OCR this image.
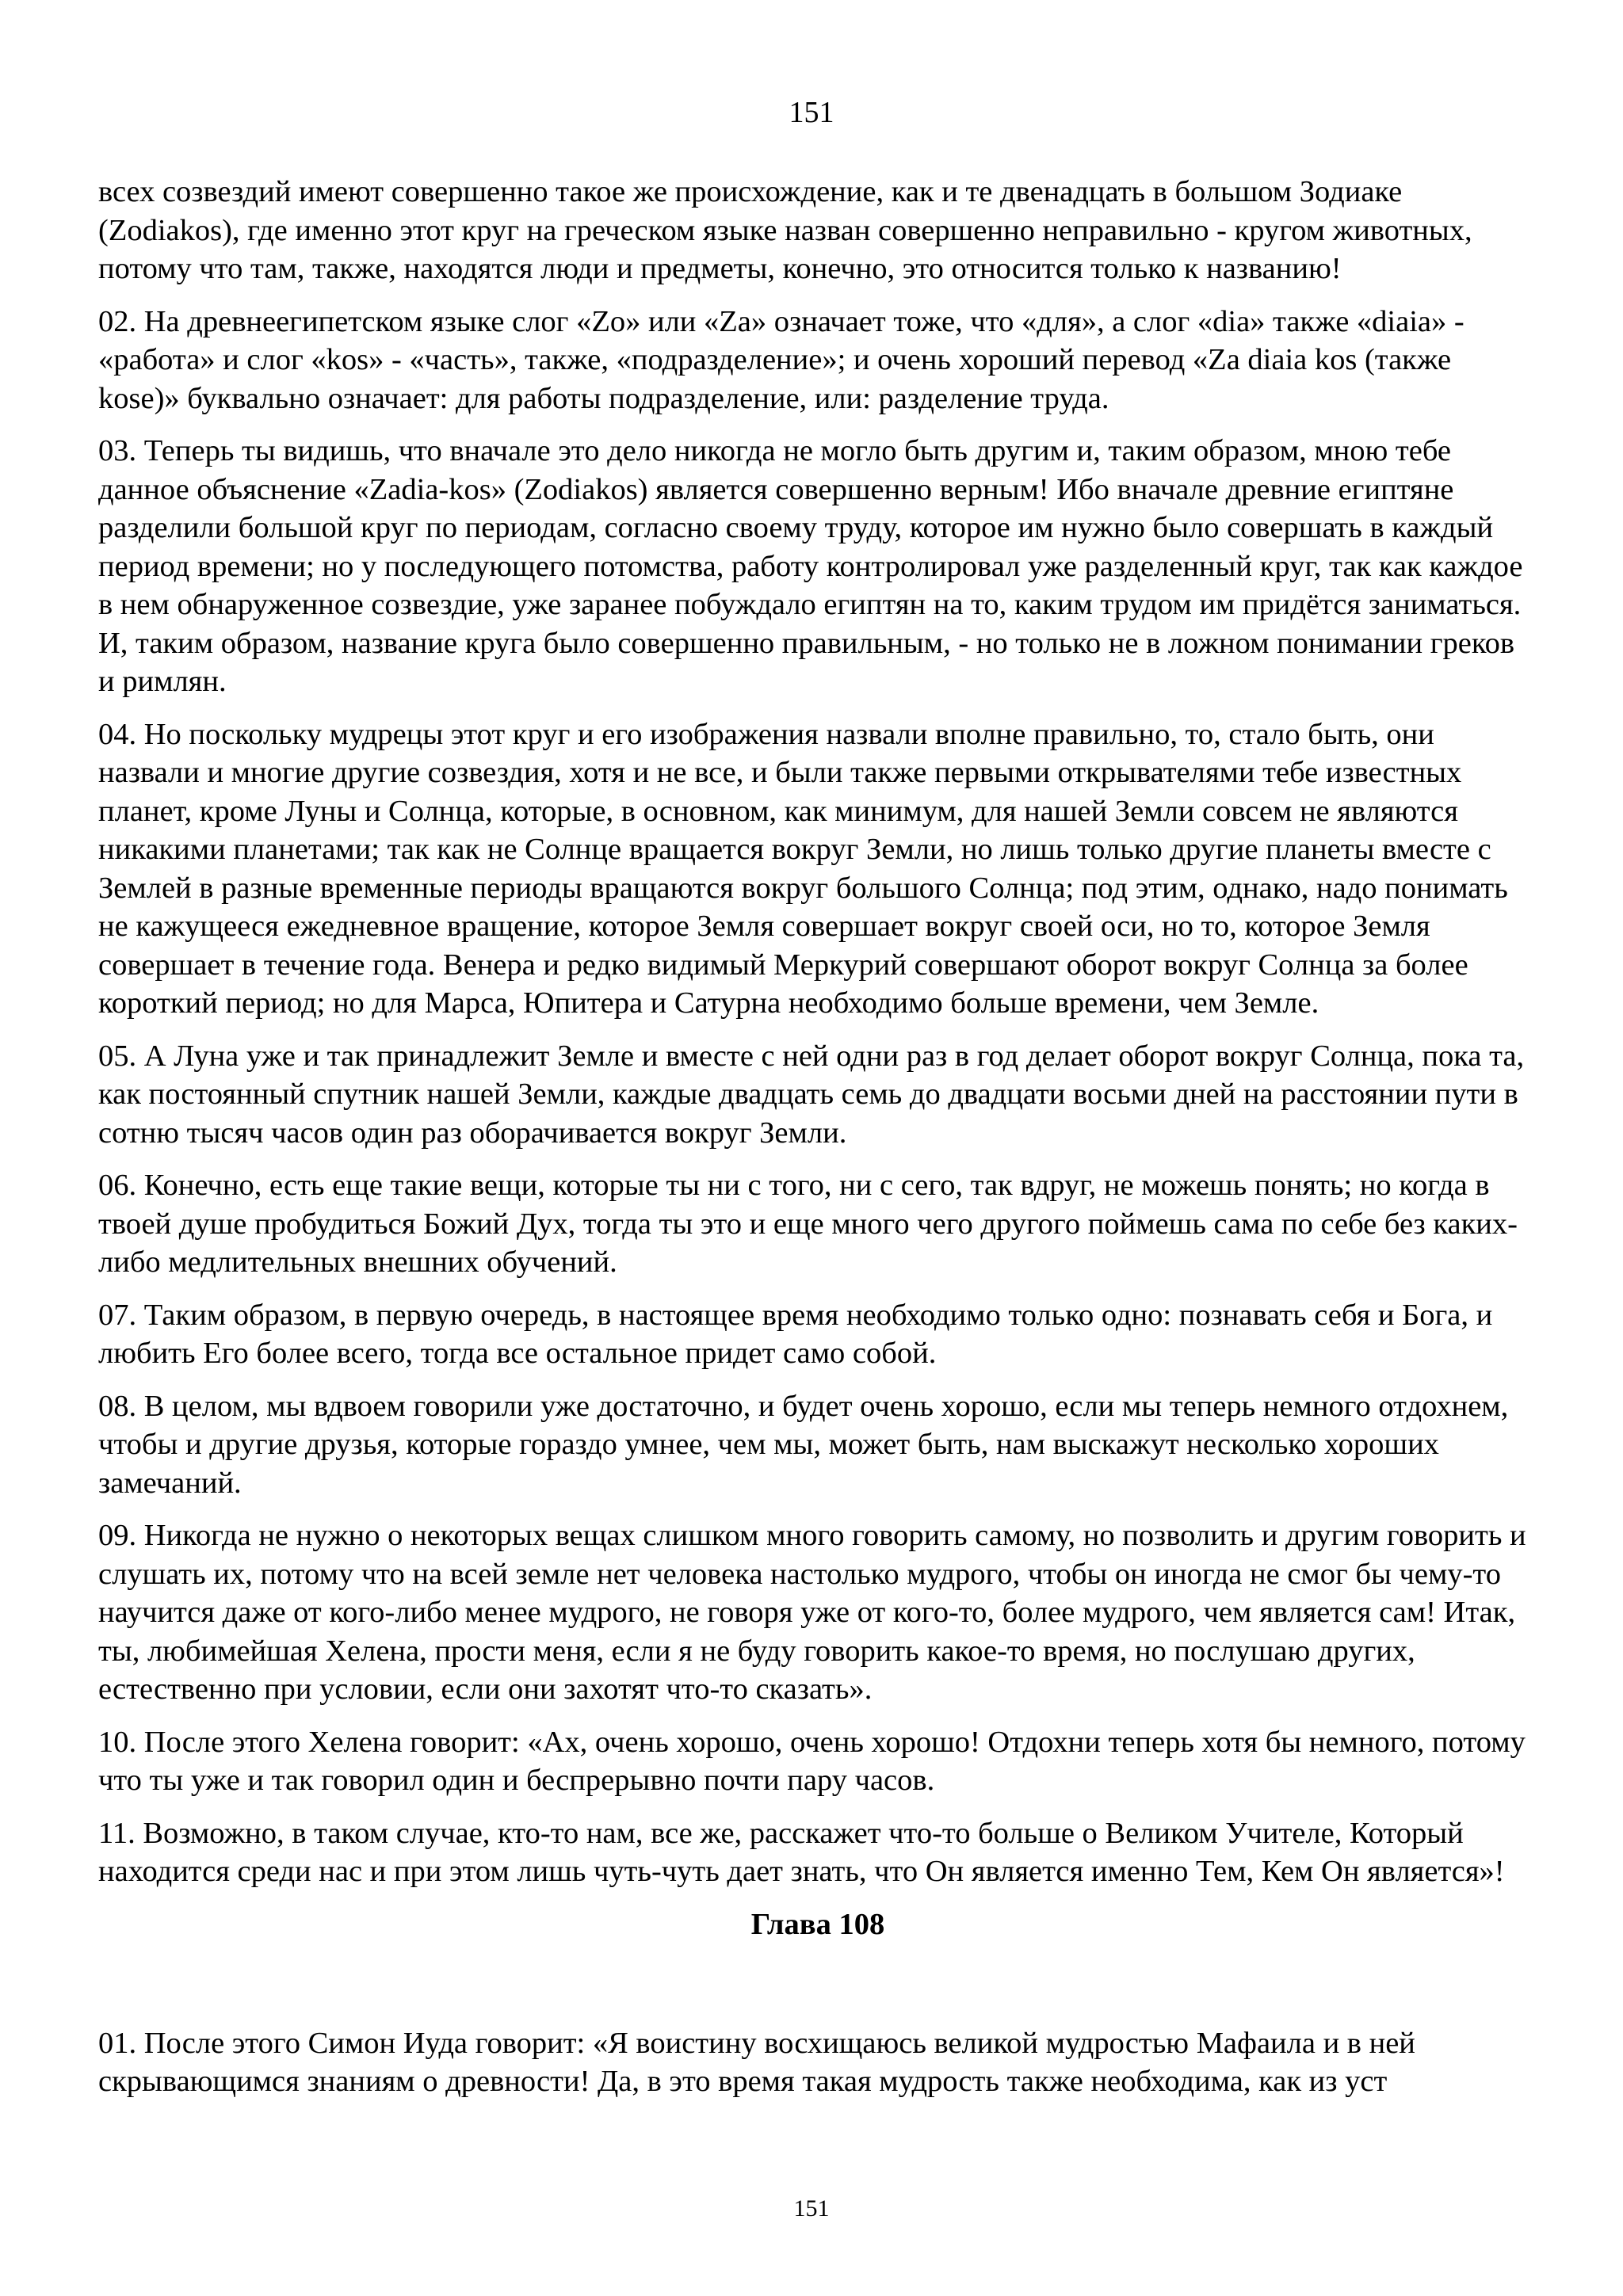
151

всех созвездий имеют совершенно такое же происхождение, как и те двенадцать в большом Зодиаке (Zodiakos), где именно этот круг на греческом языке назван совершенно неправильно - кругом животных, потому что там, также, находятся люди и предметы, конечно, это относится только к названию!

02. На древнеегипетском языке слог «Zo» или «Za» означает тоже, что «для», а слог «dia» также «diaia» - «работа» и слог «kos» - «часть», также, «подразделение»; и очень хороший перевод «Za diaia kos (также kose)» буквально означает: для работы подразделение, или: разделение труда.

03. Теперь ты видишь, что вначале это дело никогда не могло быть другим и, таким образом, мною тебе данное объяснение «Zadia-kos» (Zodiakos) является совершенно верным! Ибо вначале древние египтяне разделили большой круг по периодам, согласно своему труду, которое им нужно было совершать в каждый период времени; но у последующего потомства, работу контролировал уже разделенный круг, так как каждое в нем обнаруженное созвездие, уже заранее побуждало египтян на то, каким трудом им придётся заниматься. И, таким образом, название круга было совершенно правильным, - но только не в ложном понимании греков и римлян.

04. Но поскольку мудрецы этот круг и его изображения назвали вполне правильно, то, стало быть, они назвали и многие другие созвездия, хотя и не все, и были также первыми открывателями тебе известных планет, кроме Луны и Солнца, которые, в основном, как минимум, для нашей Земли совсем не являются никакими планетами; так как не Солнце вращается вокруг Земли, но лишь только другие планеты вместе с Землей в разные временные периоды вращаются вокруг большого Солнца; под этим, однако, надо понимать не кажущееся ежедневное вращение, которое Земля совершает вокруг своей оси, но то, которое Земля совершает в течение года. Венера и редко видимый Меркурий совершают оборот вокруг Солнца за более короткий период; но для Марса, Юпитера и Сатурна необходимо больше времени, чем Земле.

05. А Луна уже и так принадлежит Земле и вместе с ней одни раз в год делает оборот вокруг Солнца, пока та, как постоянный спутник нашей Земли, каждые двадцать семь до двадцати восьми дней на расстоянии пути в сотню тысяч часов один раз оборачивается вокруг Земли.

06. Конечно, есть еще такие вещи, которые ты ни с того, ни с сего, так вдруг, не можешь понять; но когда в твоей душе пробудиться Божий Дух, тогда ты это и еще много чего другого поймешь сама по себе без каких-либо медлительных внешних обучений.

07. Таким образом, в первую очередь, в настоящее время необходимо только одно: познавать себя и Бога, и любить Его более всего, тогда все остальное придет само собой.

08. В целом, мы вдвоем говорили уже достаточно, и будет очень хорошо, если мы теперь немного отдохнем, чтобы и другие друзья, которые гораздо умнее, чем мы, может быть, нам выскажут несколько хороших замечаний.

09. Никогда не нужно о некоторых вещах слишком много говорить самому, но позволить и другим говорить и слушать их, потому что на всей земле нет человека настолько мудрого, чтобы он иногда не смог бы чему-то научится даже от кого-либо менее мудрого, не говоря уже от кого-то, более мудрого, чем является сам! Итак, ты, любимейшая Хелена, прости меня, если я не буду говорить какое-то время, но послушаю других, естественно при условии, если они захотят что-то сказать».

10. После этого Хелена говорит: «Ах, очень хорошо, очень хорошо! Отдохни теперь хотя бы немного, потому что ты уже и так говорил один и беспрерывно почти пару часов.

11. Возможно, в таком случае, кто-то нам, все же, расскажет что-то больше о Великом Учителе, Который находится среди нас и при этом лишь чуть-чуть дает знать, что Он является именно Тем, Кем Он является»!

Глава 108

01. После этого Симон Иуда говорит: «Я воистину восхищаюсь великой мудростью Мафаила и в ней скрывающимся знаниям о древности! Да, в это время такая мудрость также необходима, как из уст

151
